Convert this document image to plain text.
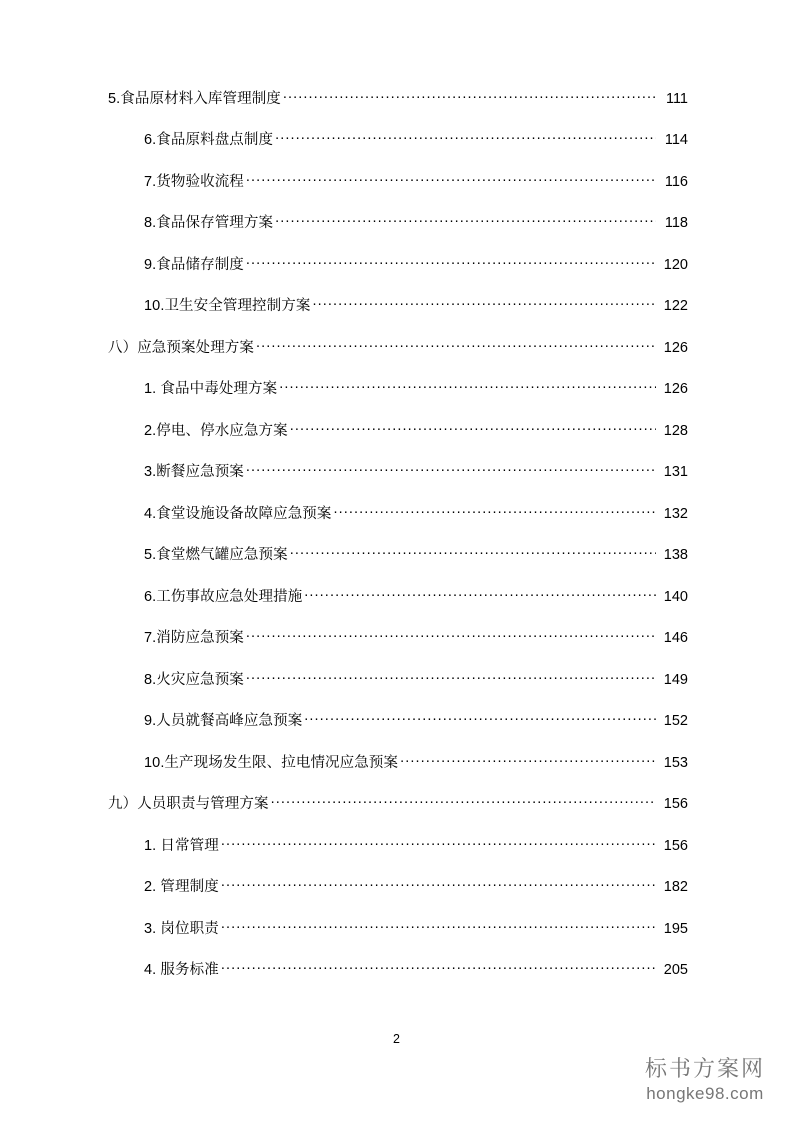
5.食品原材料入库管理制度 .....	111
6.食品原料盘点制度 .....	114
7.货物验收流程 .....	116
8.食品保存管理方案 .....	118
9.食品储存制度 .....	120
10.卫生安全管理控制方案 .....	122
八）应急预案处理方案 .....	126
1. 食品中毒处理方案 .....	126
2.停电、停水应急方案 .....	128
3.断餐应急预案 .....	131
4.食堂设施设备故障应急预案 .....	132
5.食堂燃气罐应急预案 .....	138
6.工伤事故应急处理措施 .....	140
7.消防应急预案 .....	146
8.火灾应急预案 .....	149
9.人员就餐高峰应急预案 .....	152
10.生产现场发生限、拉电情况应急预案 .....	153
九）人员职责与管理方案 .....	156
1. 日常管理 .....	156
2. 管理制度 .....	182
3. 岗位职责 .....	195
4. 服务标准 .....	205
2
标书方案网
hongke98.com
